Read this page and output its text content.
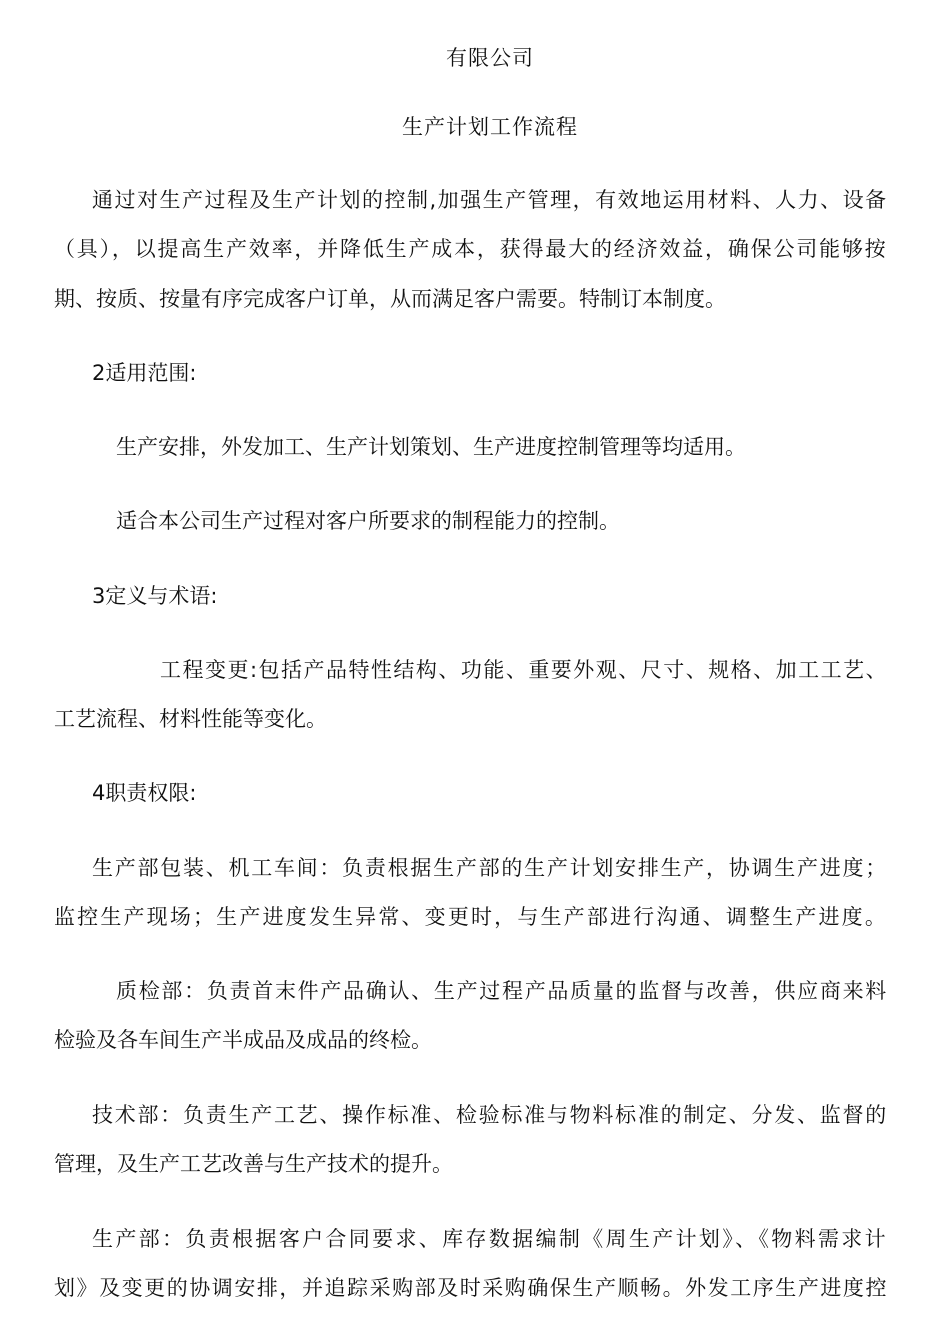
有限公司
生产计划工作流程
通过对生产过程及生产计划的控制,加强生产管理，有效地运用材料、人力、设备
（具），以提高生产效率，并降低生产成本，获得最大的经济效益，确保公司能够按
期、按质、按量有序完成客户订单，从而满足客户需要。特制订本制度。
2适用范围:
生产安排，外发加工、生产计划策划、生产进度控制管理等均适用。
适合本公司生产过程对客户所要求的制程能力的控制。
3定义与术语:
工程变更:包括产品特性结构、功能、重要外观、尺寸、规格、加工工艺、
工艺流程、材料性能等变化。
4职责权限:
生产部包装、机工车间：负责根据生产部的生产计划安排生产，协调生产进度；
监控生产现场；生产进度发生异常、变更时，与生产部进行沟通、调整生产进度。
质检部：负责首末件产品确认、生产过程产品质量的监督与改善，供应商来料
检验及各车间生产半成品及成品的终检。
技术部：负责生产工艺、操作标准、检验标准与物料标准的制定、分发、监督的
管理，及生产工艺改善与生产技术的提升。
生产部：负责根据客户合同要求、库存数据编制《周生产计划》、《物料需求计
划》及变更的协调安排，并追踪采购部及时采购确保生产顺畅。外发工序生产进度控
